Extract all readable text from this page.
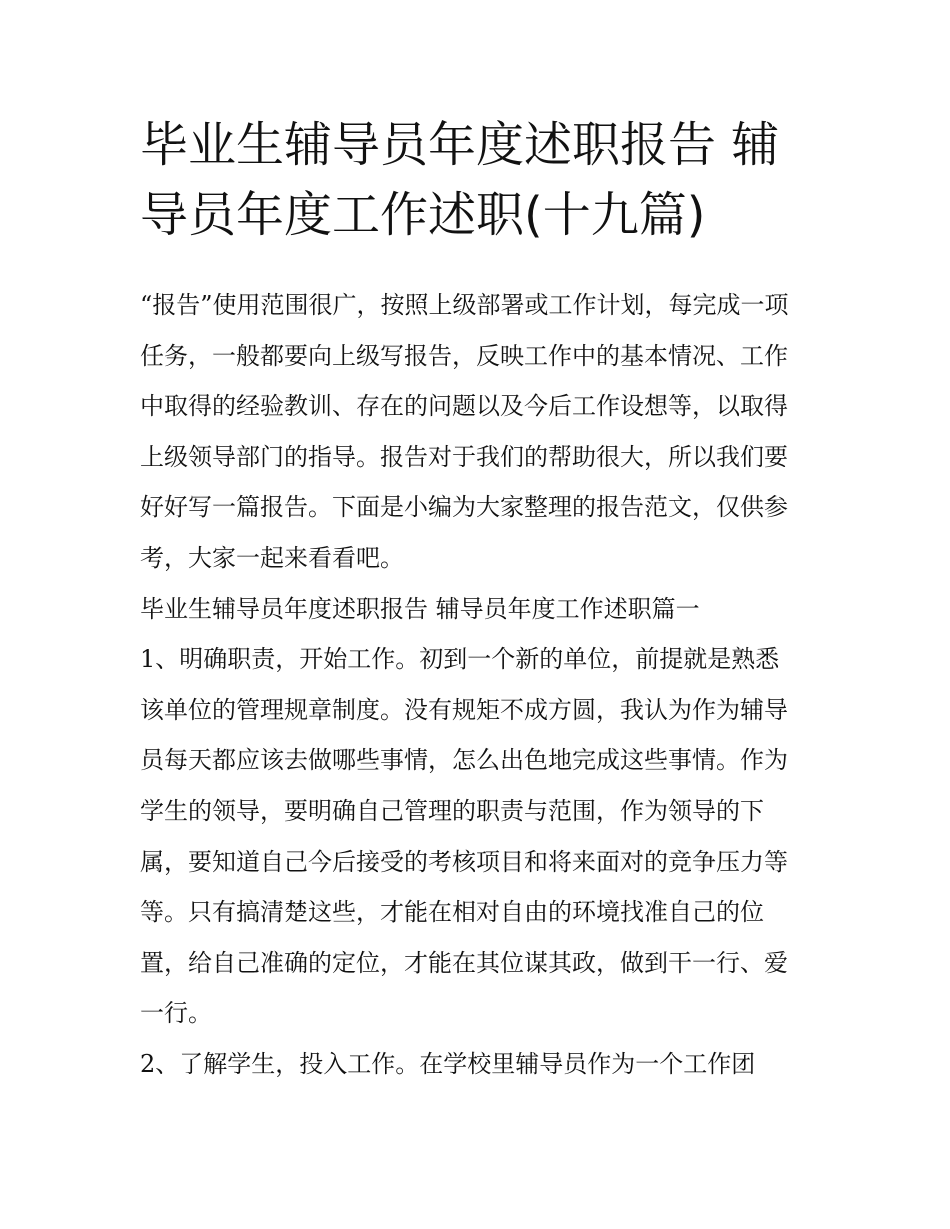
毕业生辅导员年度述职报告 辅
导员年度工作述职(十九篇)
“报告”使用范围很广，按照上级部署或工作计划，每完成一项
任务，一般都要向上级写报告，反映工作中的基本情况、工作
中取得的经验教训、存在的问题以及今后工作设想等，以取得
上级领导部门的指导。报告对于我们的帮助很大，所以我们要
好好写一篇报告。下面是小编为大家整理的报告范文，仅供参
考，大家一起来看看吧。
毕业生辅导员年度述职报告 辅导员年度工作述职篇一
1、明确职责，开始工作。初到一个新的单位，前提就是熟悉
该单位的管理规章制度。没有规矩不成方圆，我认为作为辅导
员每天都应该去做哪些事情，怎么出色地完成这些事情。作为
学生的领导，要明确自己管理的职责与范围，作为领导的下
属，要知道自己今后接受的考核项目和将来面对的竞争压力等
等。只有搞清楚这些，才能在相对自由的环境找准自己的位
置，给自己准确的定位，才能在其位谋其政，做到干一行、爱
一行。
2、了解学生，投入工作。在学校里辅导员作为一个工作团
